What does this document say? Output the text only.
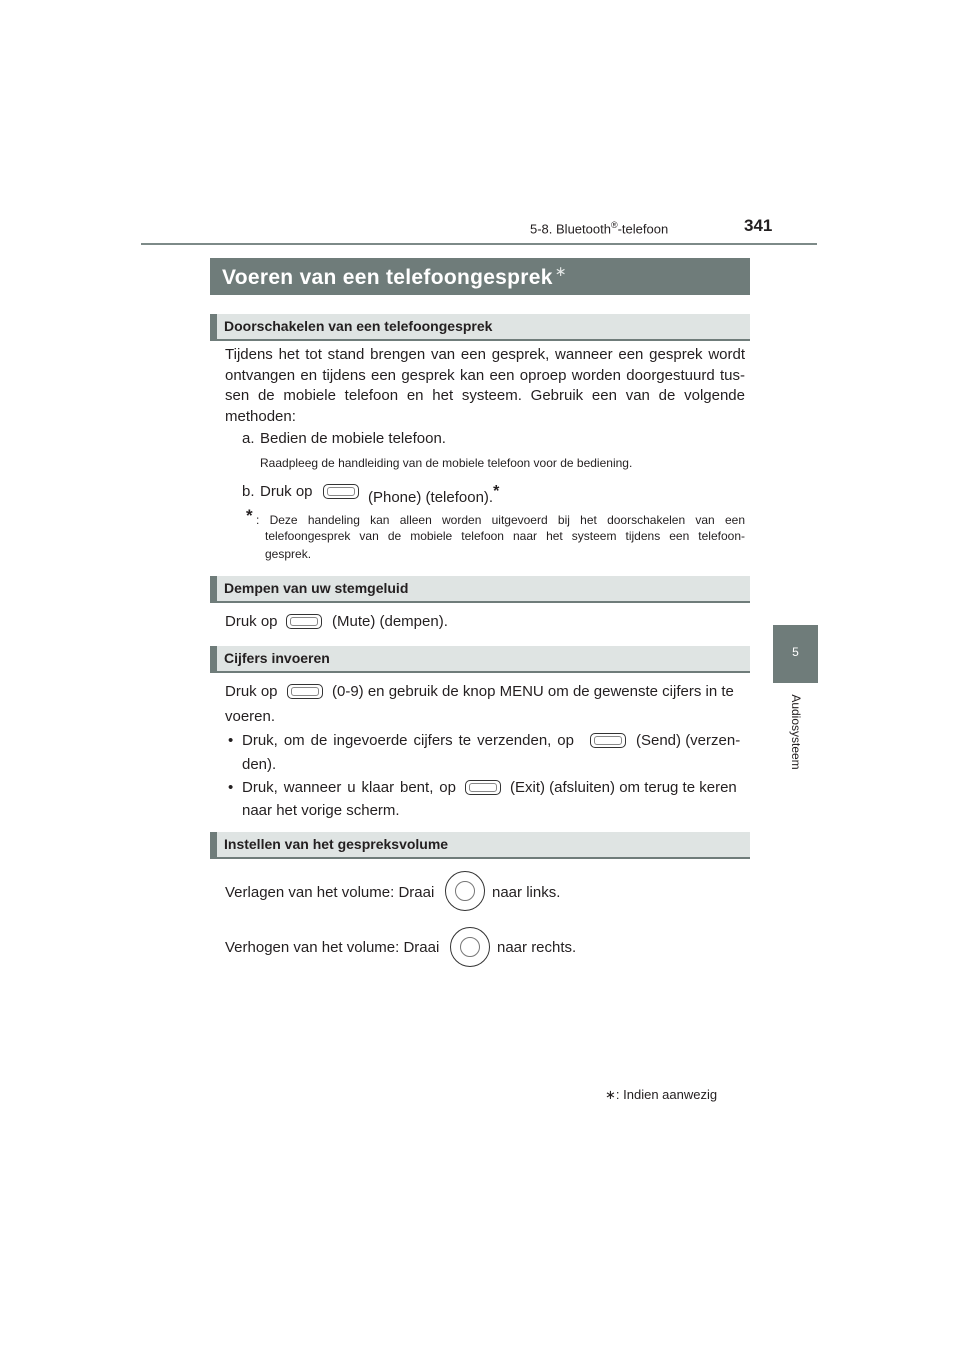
5-8. Bluetooth®-telefoon	341
5
Audiosysteem
Voeren van een telefoongesprek ∗
Doorschakelen van een telefoongesprek
Tijdens het tot stand brengen van een gesprek, wanneer een gesprek wordt
ontvangen en tijdens een gesprek kan een oproep worden doorgestuurd tus-
sen de mobiele telefoon en het systeem. Gebruik een van de volgende
methoden:
a. Bedien de mobiele telefoon.
Raadpleeg de handleiding van de mobiele telefoon voor de bediening.
b. Druk op	(Phone) (telefoon).*
* : Deze handeling kan alleen worden uitgevoerd bij het doorschakelen van een
telefoongesprek van de mobiele telefoon naar het systeem tijdens een telefoon-
gesprek.
Dempen van uw stemgeluid
Druk op	(Mute) (dempen).
Cijfers invoeren
Druk op	(0-9) en gebruik de knop MENU om de gewenste cijfers in te
voeren.
• Druk, om de ingevoerde cijfers te verzenden, op	(Send) (verzen-
den).
• Druk, wanneer u klaar bent, op	(Exit) (afsluiten) om terug te keren
naar het vorige scherm.
Instellen van het gespreksvolume
Verlagen van het volume: Draai	naar links.
Verhogen van het volume: Draai	naar rechts.
∗: Indien aanwezig
